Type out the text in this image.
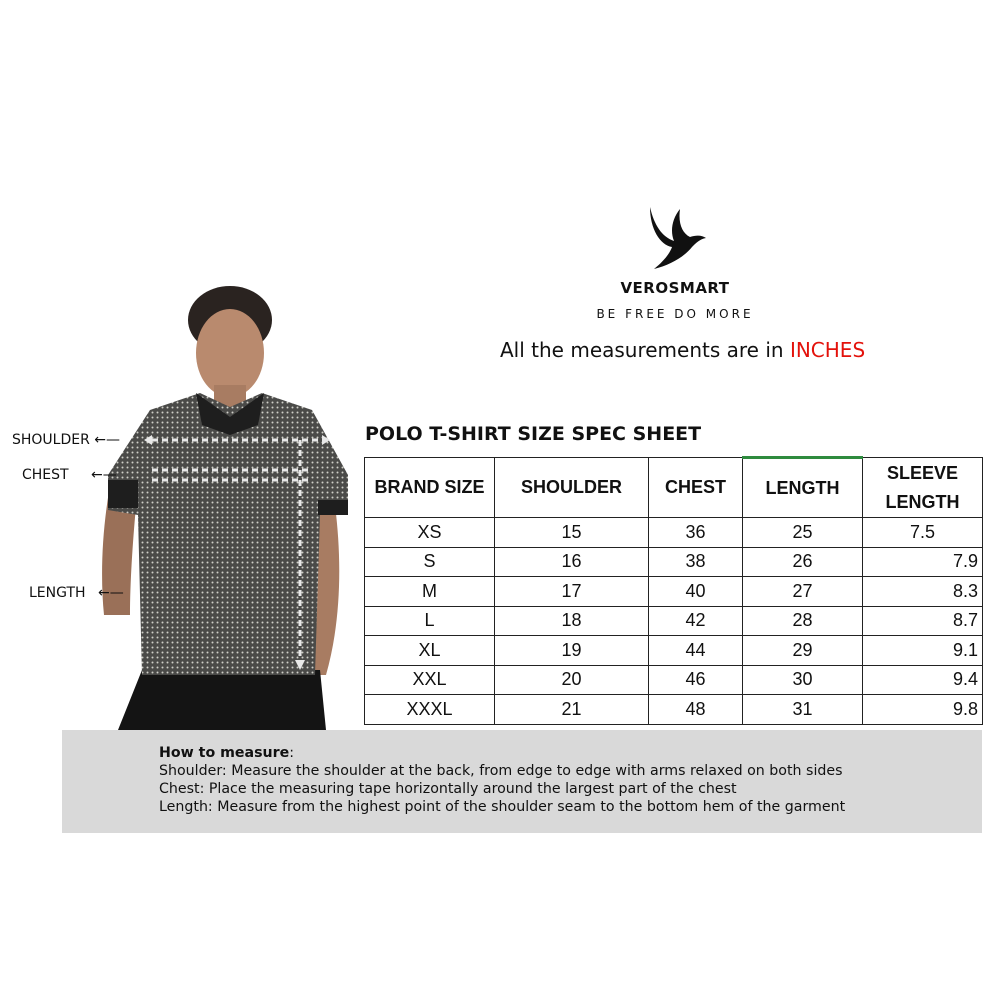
VEROSMART
BE FREE DO MORE
All the measurements are in INCHES
SHOULDER ←—
CHEST ←—
LENGTH ←—
POLO T-SHIRT SIZE SPEC SHEET
BRAND SIZE	SHOULDER	CHEST	LENGTH	SLEEVE LENGTH
XS	15	36	25	7.5
S	16	38	26	7.9
M	17	40	27	8.3
L	18	42	28	8.7
XL	19	44	29	9.1
XXL	20	46	30	9.4
XXXL	21	48	31	9.8
How to measure:
Shoulder: Measure the shoulder at the back, from edge to edge with arms relaxed on both sides
Chest: Place the measuring tape horizontally around the largest part of the chest
Length: Measure from the highest point of the shoulder seam to the bottom hem of the garment
